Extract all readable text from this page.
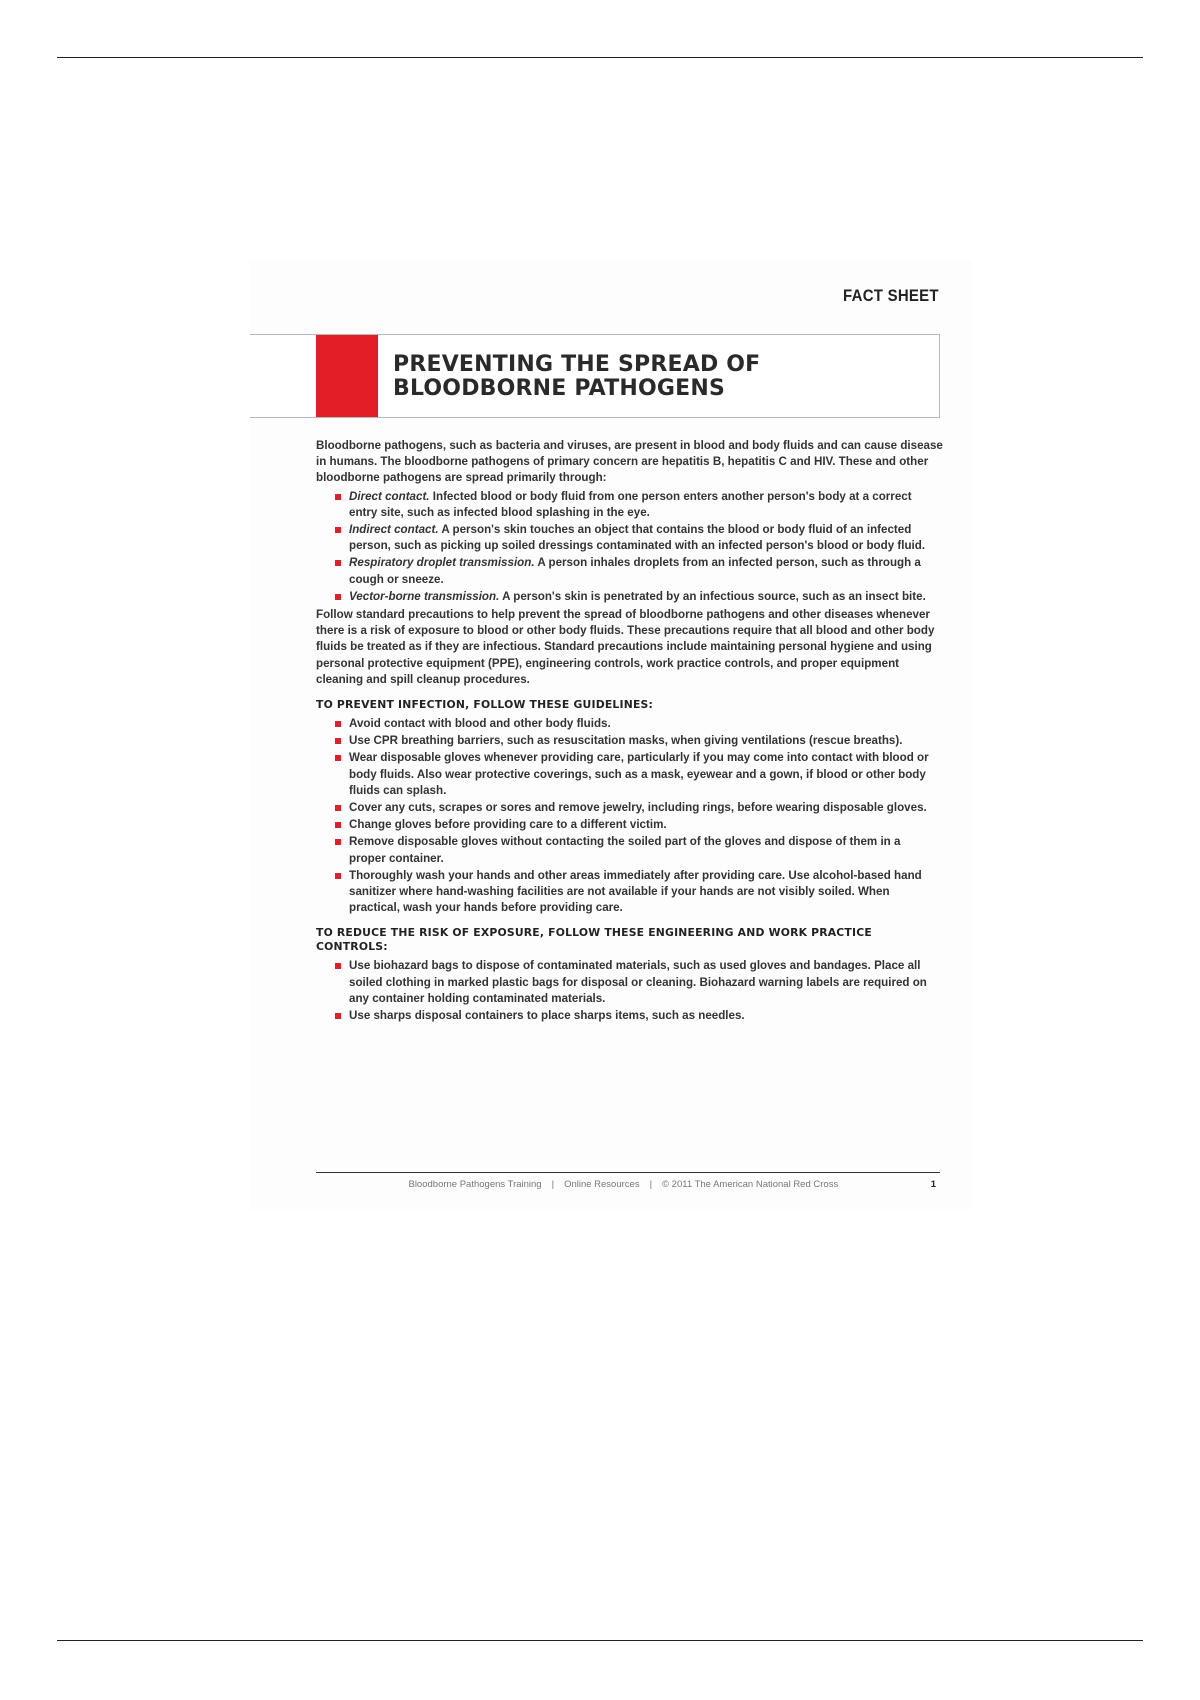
FACT SHEET
PREVENTING THE SPREAD OF
BLOODBORNE PATHOGENS

Bloodborne pathogens, such as bacteria and viruses, are present in blood and body fluids and can cause disease in humans. The bloodborne pathogens of primary concern are hepatitis B, hepatitis C and HIV. These and other bloodborne pathogens are spread primarily through:

Direct contact. Infected blood or body fluid from one person enters another person's body at a correct entry site, such as infected blood splashing in the eye.
Indirect contact. A person's skin touches an object that contains the blood or body fluid of an infected person, such as picking up soiled dressings contaminated with an infected person's blood or body fluid.
Respiratory droplet transmission. A person inhales droplets from an infected person, such as through a cough or sneeze.
Vector-borne transmission. A person's skin is penetrated by an infectious source, such as an insect bite.

Follow standard precautions to help prevent the spread of bloodborne pathogens and other diseases whenever there is a risk of exposure to blood or other body fluids. These precautions require that all blood and other body fluids be treated as if they are infectious. Standard precautions include maintaining personal hygiene and using personal protective equipment (PPE), engineering controls, work practice controls, and proper equipment cleaning and spill cleanup procedures.

TO PREVENT INFECTION, FOLLOW THESE GUIDELINES:
Avoid contact with blood and other body fluids.
Use CPR breathing barriers, such as resuscitation masks, when giving ventilations (rescue breaths).
Wear disposable gloves whenever providing care, particularly if you may come into contact with blood or body fluids. Also wear protective coverings, such as a mask, eyewear and a gown, if blood or other body fluids can splash.
Cover any cuts, scrapes or sores and remove jewelry, including rings, before wearing disposable gloves.
Change gloves before providing care to a different victim.
Remove disposable gloves without contacting the soiled part of the gloves and dispose of them in a proper container.
Thoroughly wash your hands and other areas immediately after providing care. Use alcohol-based hand sanitizer where hand-washing facilities are not available if your hands are not visibly soiled. When practical, wash your hands before providing care.
TO REDUCE THE RISK OF EXPOSURE, FOLLOW THESE ENGINEERING AND WORK PRACTICE CONTROLS:
Use biohazard bags to dispose of contaminated materials, such as used gloves and bandages. Place all soiled clothing in marked plastic bags for disposal or cleaning. Biohazard warning labels are required on any container holding contaminated materials.
Use sharps disposal containers to place sharps items, such as needles.
Bloodborne Pathogens Training | Online Resources | © 2011 The American National Red Cross	1
